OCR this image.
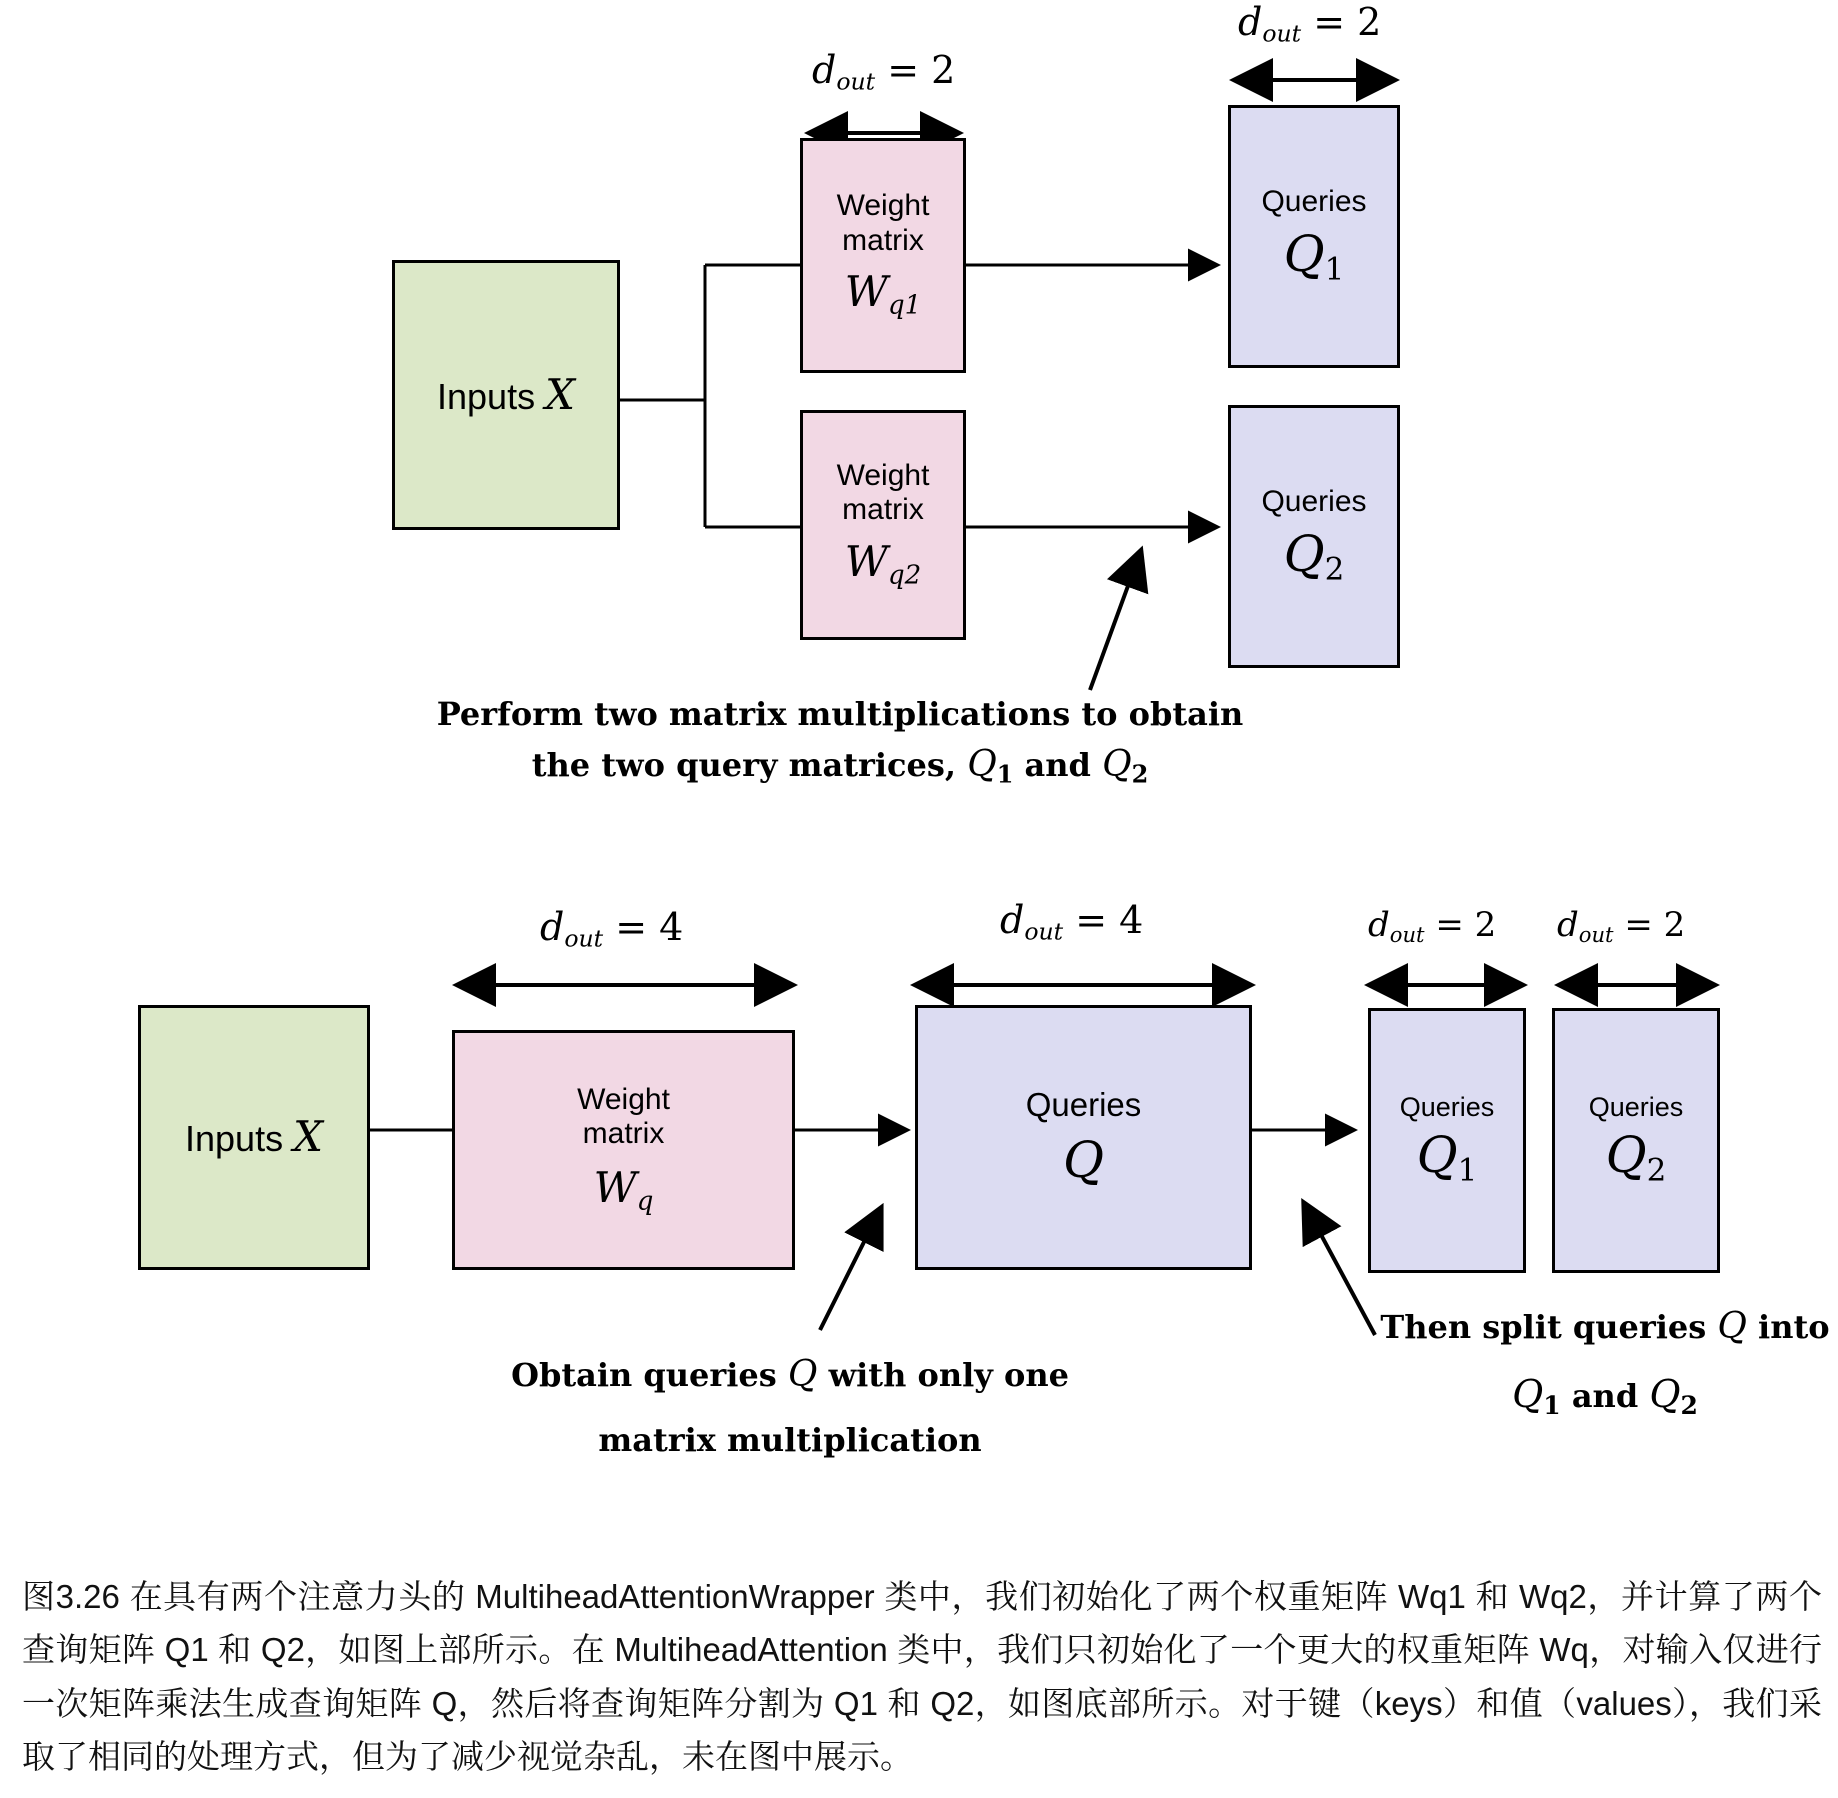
Inputs X
Weight
matrix
$W_{q1}$
Weight
matrix
$W_{q2}$
Queries
Q1
Queries
Q2
dout = 2
dout = 2
Perform two matrix multiplications to obtain
the two query matrices, $Q_1$ and $Q_2$
Inputs X
Weight
matrix
$W_q$
Queries
Q
Queries
Q1
Queries
Q2
dout = 4	dout = 4	dout = 2 dout = 2
Obtain queries Q with only one
matrix multiplication
Then split queries Q into
$Q_1$ and $Q_2$
图3.26 在具有两个注意力头的 MultiheadAttentionWrapper 类中，我们初始化了两个权重矩阵 Wq1 和 Wq2，并计算了两个查询矩阵 Q1 和 Q2，如图上部所示。在 MultiheadAttention 类中，我们只初始化了一个更大的权重矩阵 Wq，对输入仅进行一次矩阵乘法生成查询矩阵 Q，然后将查询矩阵分割为 Q1 和 Q2，如图底部所示。对于键（keys）和值（values），我们采取了相同的处理方式，但为了减少视觉杂乱，未在图中展示。
